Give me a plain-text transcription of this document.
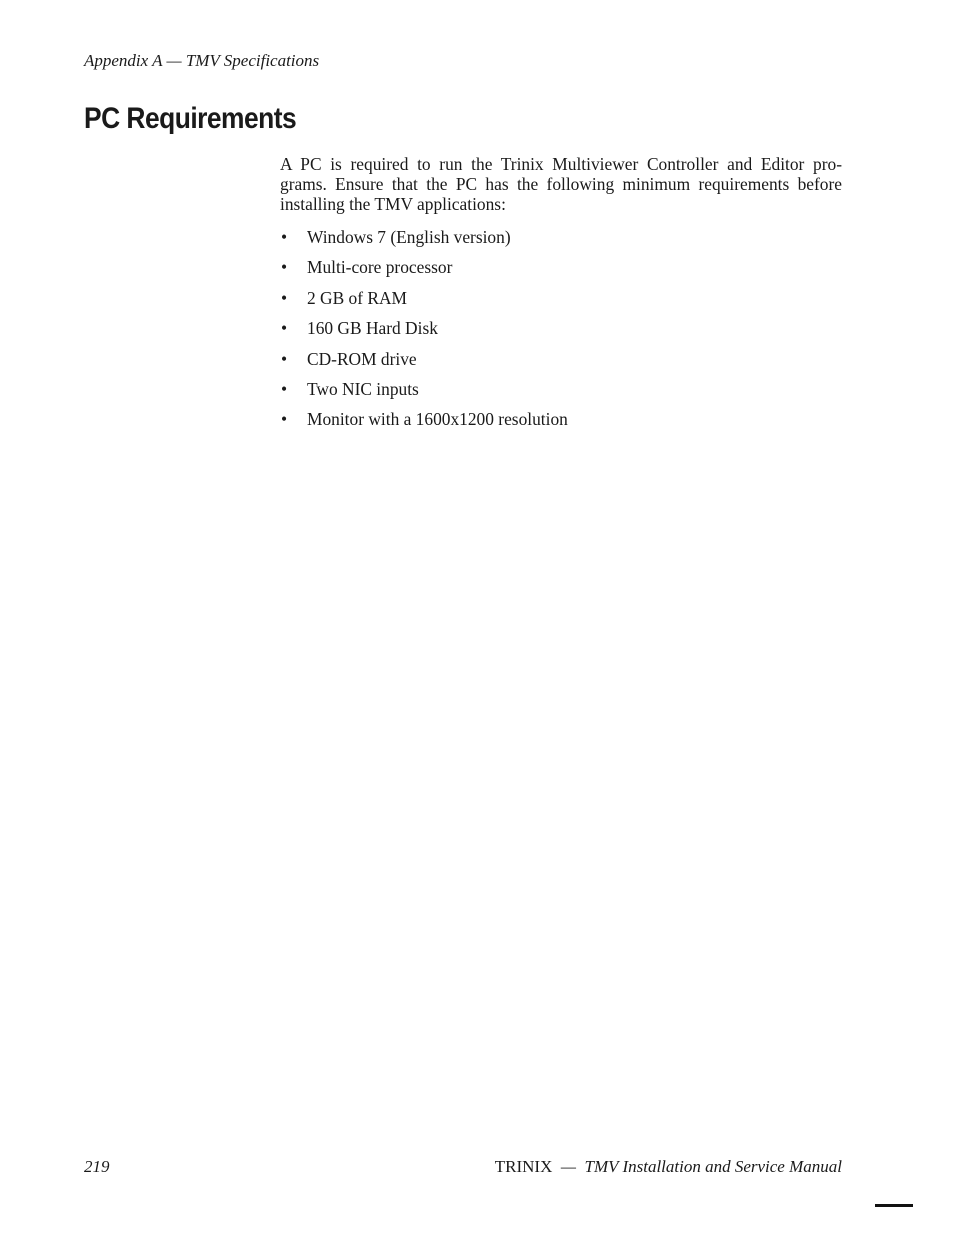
Appendix A — TMV Specifications
PC Requirements

A PC is required to run the Trinix Multiviewer Controller and Editor pro-
grams. Ensure that the PC has the following minimum requirements before
installing the TMV applications:

• Windows 7 (English version)
• Multi-core processor
• 2 GB of RAM
• 160 GB Hard Disk
• CD-ROM drive
• Two NIC inputs
• Monitor with a 1600x1200 resolution
219	TRINIX — TMV Installation and Service Manual
